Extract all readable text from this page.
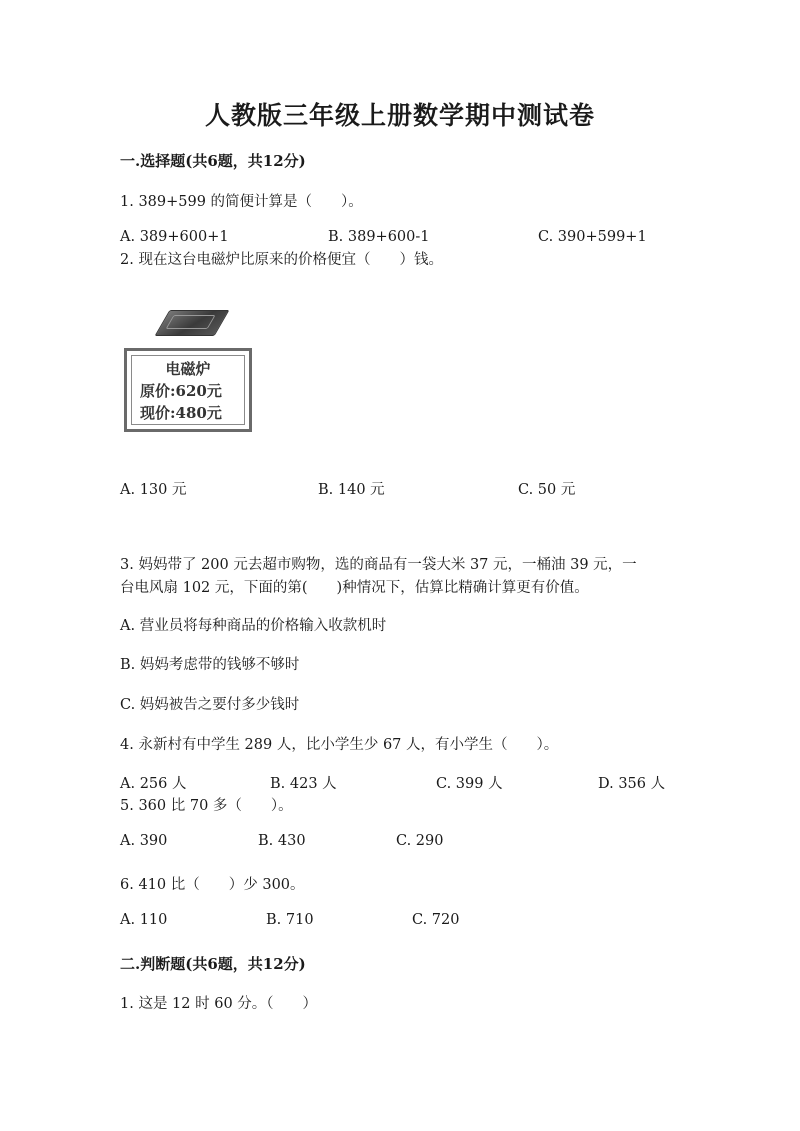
人教版三年级上册数学期中测试卷
一.选择题(共6题，共12分)
1. 389+599 的简便计算是（　　）。
A. 389+600+1	B. 389+600-1	C. 390+599+1
2. 现在这台电磁炉比原来的价格便宜（　　）钱。
电磁炉
原价:620元
现价:480元
A. 130 元	B. 140 元	C. 50 元
3. 妈妈带了 200 元去超市购物，选的商品有一袋大米 37 元，一桶油 39 元，一
台电风扇 102 元，下面的第(　　)种情况下，估算比精确计算更有价值。
A. 营业员将每种商品的价格输入收款机时
B. 妈妈考虑带的钱够不够时
C. 妈妈被告之要付多少钱时
4. 永新村有中学生 289 人，比小学生少 67 人，有小学生（　　）。
A. 256 人	B. 423 人	C. 399 人	D. 356 人
5. 360 比 70 多（　　）。
A. 390	B. 430	C. 290
6. 410 比（　　）少 300。
A. 110	B. 710	C. 720
二.判断题(共6题，共12分)
1. 这是 12 时 60 分。（　　）
